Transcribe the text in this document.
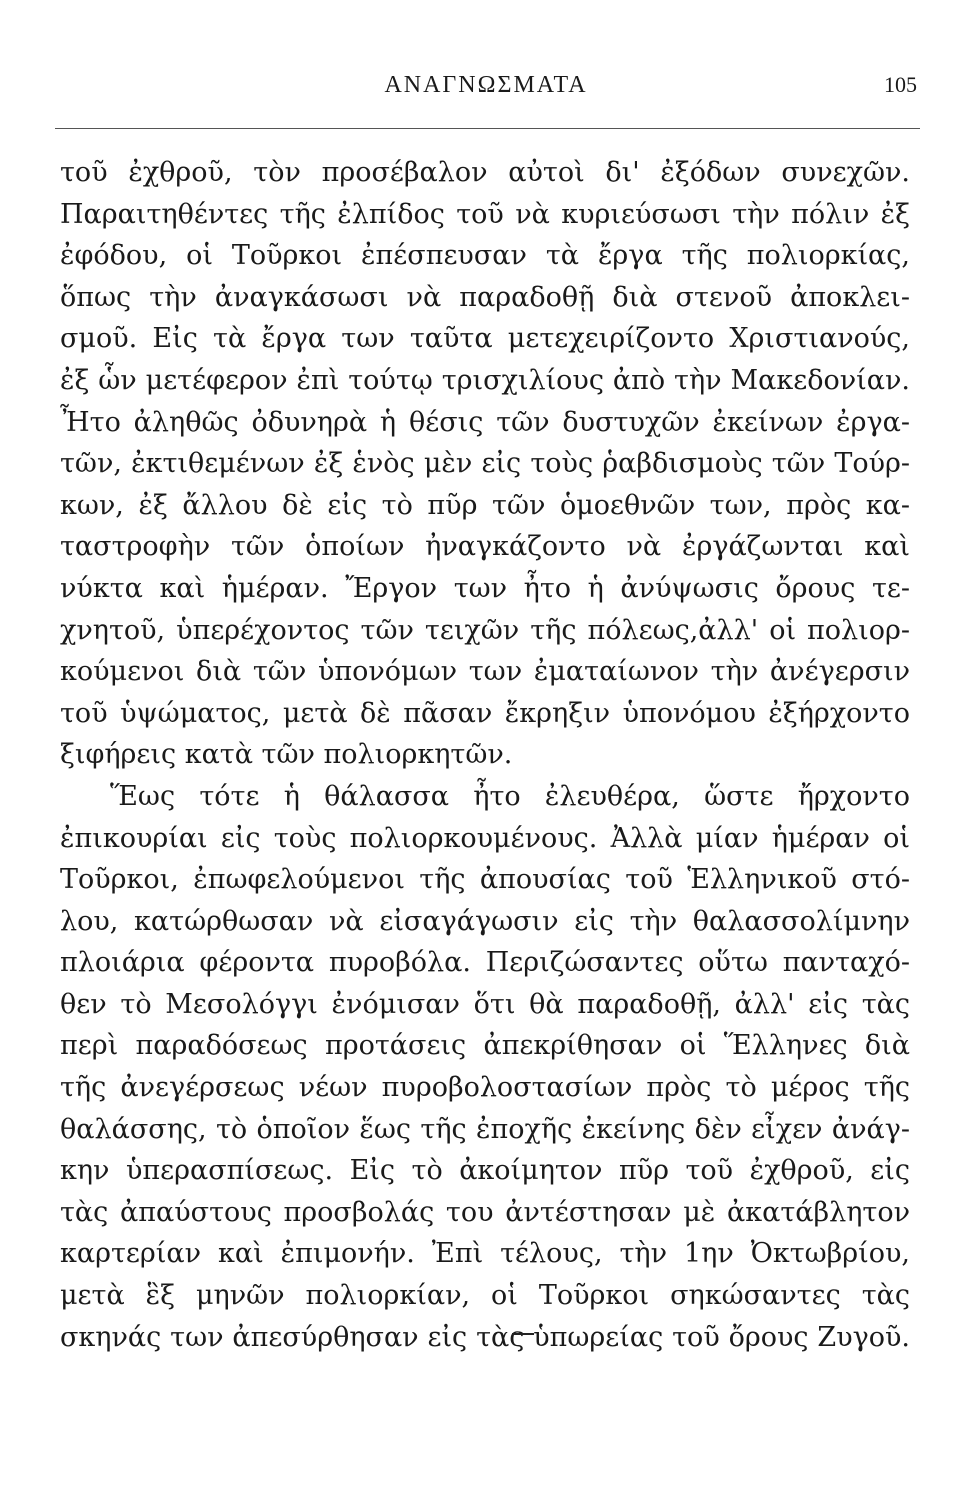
ΑΝΑΓΝΩΣΜΑΤΑ	105
τοῦ ἐχθροῦ, τὸν προσέβαλον αὐτοὶ δι' ἐξόδων συνεχῶν.
Παραιτηθέντες τῆς ἐλπίδος τοῦ νὰ κυριεύσωσι τὴν πόλιν ἐξ
ἐφόδου, οἱ Τοῦρκοι ἐπέσπευσαν τὰ ἔργα τῆς πολιορκίας,
ὅπως τὴν ἀναγκάσωσι νὰ παραδοθῇ διὰ στενοῦ ἀποκλει-
σμοῦ. Εἰς τὰ ἔργα των ταῦτα μετεχειρίζοντο Χριστιανούς,
ἐξ ὧν μετέφερον ἐπὶ τούτῳ τρισχιλίους ἀπὸ τὴν Μακεδονίαν.
Ἦτο ἀληθῶς ὀδυνηρὰ ἡ θέσις τῶν δυστυχῶν ἐκείνων ἐργα-
τῶν, ἐκτιθεμένων ἐξ ἑνὸς μὲν εἰς τοὺς ῥαβδισμοὺς τῶν Τούρ-
κων, ἐξ ἄλλου δὲ εἰς τὸ πῦρ τῶν ὁμοεθνῶν των, πρὸς κα-
ταστροφὴν τῶν ὁποίων ἠναγκάζοντο νὰ ἐργάζωνται καὶ
νύκτα καὶ ἡμέραν. Ἔργον των ἦτο ἡ ἀνύψωσις ὄρους τε-
χνητοῦ, ὑπερέχοντος τῶν τειχῶν τῆς πόλεως,ἀλλ' οἱ πολιορ-
κούμενοι διὰ τῶν ὑπονόμων των ἐματαίωνον τὴν ἀνέγερσιν
τοῦ ὑψώματος, μετὰ δὲ πᾶσαν ἔκρηξιν ὑπονόμου ἐξήρχοντο
ξιφήρεις κατὰ τῶν πολιορκητῶν.
Ἕως τότε ἡ θάλασσα ἦτο ἐλευθέρα, ὥστε ἤρχοντο
ἐπικουρίαι εἰς τοὺς πολιορκουμένους. Ἀλλὰ μίαν ἡμέραν οἱ
Τοῦρκοι, ἐπωφελούμενοι τῆς ἀπουσίας τοῦ Ἑλληνικοῦ στό-
λου, κατώρθωσαν νὰ εἰσαγάγωσιν εἰς τὴν θαλασσολίμνην
πλοιάρια φέροντα πυροβόλα. Περιζώσαντες οὕτω πανταχό-
θεν τὸ Μεσολόγγι ἐνόμισαν ὅτι θὰ παραδοθῇ, ἀλλ' εἰς τὰς
περὶ παραδόσεως προτάσεις ἀπεκρίθησαν οἱ Ἕλληνες διὰ
τῆς ἀνεγέρσεως νέων πυροβολοστασίων πρὸς τὸ μέρος τῆς
θαλάσσης, τὸ ὁποῖον ἕως τῆς ἐποχῆς ἐκείνης δὲν εἶχεν ἀνάγ-
κην ὑπερασπίσεως. Εἰς τὸ ἀκοίμητον πῦρ τοῦ ἐχθροῦ, εἰς
τὰς ἀπαύστους προσβολάς του ἀντέστησαν μὲ ἀκατάβλητον
καρτερίαν καὶ ἐπιμονήν. Ἐπὶ τέλους, τὴν 1ην Ὀκτωβρίου,
μετὰ ἓξ μηνῶν πολιορκίαν, οἱ Τοῦρκοι σηκώσαντες τὰς
σκηνάς των ἀπεσύρθησαν εἰς τὰς ὑπωρείας τοῦ ὄρους Ζυγοῦ.
